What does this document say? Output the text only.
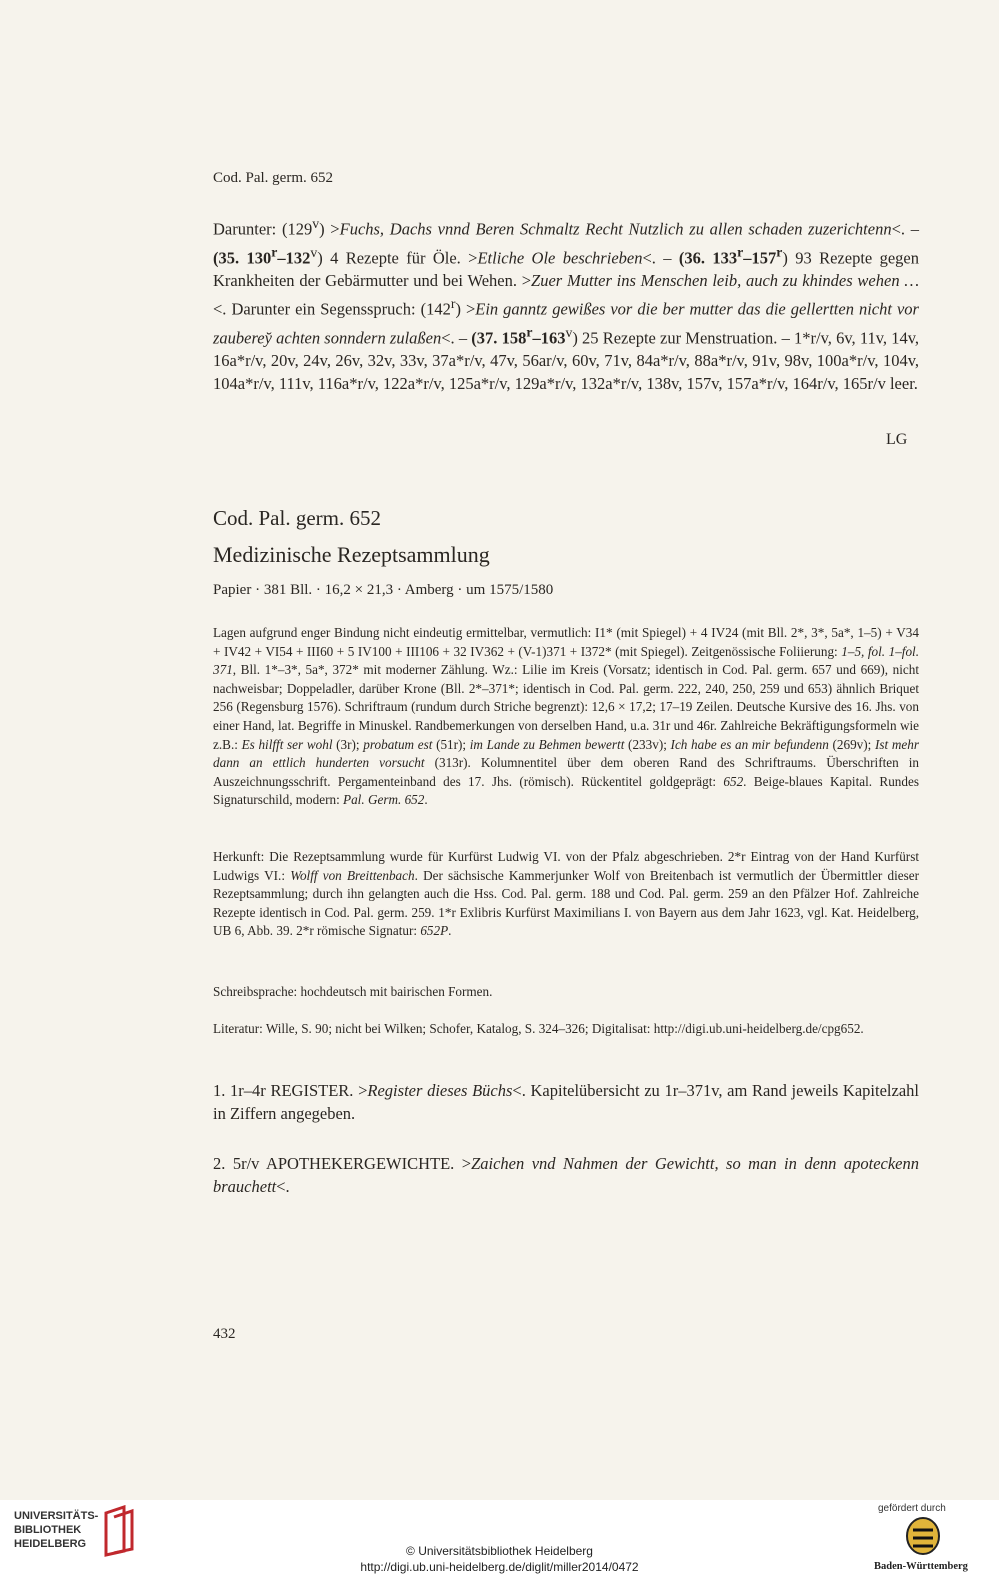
Cod. Pal. germ. 652
Darunter: $(129^v)$ >Fuchs, Dachs vnnd Beren Schmaltz Recht Nutzlich zu allen schaden zuzerichtenn<. – (35. 130$^r$–132$^v$) 4 Rezepte für Öle. >Etliche Ole beschrieben<. – (36. 133$^r$–157$^r$) 93 Rezepte gegen Krankheiten der Gebärmutter und bei Wehen. >Zuer Mutter ins Menschen leib, auch zu khindes wehen …<. Darunter ein Segensspruch: $(142^r) >Ein$ ganntz gewißes vor die ber mutter das die gellertten nicht vor zauberey̆ achten sonndern zulaßen<. – (37. 158$^r$–163$^v$) 25 Rezepte zur Menstruation. – 1*r/v, 6v, 11v, 14v, 16a*r/v, 20v, 24v, 26v, 32v, 33v, 37a*r/v, 47v, 56ar/v, 60v, 71v, 84a*r/v, 88a*r/v, 91v, 98v, 100a*r/v, 104v, 104a*r/v, 111v, 116a*r/v, 122a*r/v, 125a*r/v, 129a*r/v, 132a*r/v, 138v, 157v, 157a*r/v, 164r/v, 165r/v leer.
LG
Cod. Pal. germ. 652
Medizinische Rezeptsammlung
Papier · 381 Bll. · 16,2 × 21,3 · Amberg · um 1575/1580
Lagen aufgrund enger Bindung nicht eindeutig ermittelbar, vermutlich: I1* (mit Spiegel) + 4 IV24 (mit Bll. 2*, 3*, 5a*, 1–5) + V34 + IV42 + VI54 + III60 + 5 IV100 + III106 + 32 IV362 + (V-1)371 + I372* (mit Spiegel). Zeitgenössische Foliierung: 1–5, fol. 1–fol. 371, Bll. 1*–3*, 5a*, 372* mit moderner Zählung. Wz.: Lilie im Kreis (Vorsatz; identisch in Cod. Pal. germ. 657 und 669), nicht nachweisbar; Doppeladler, darüber Krone (Bll. 2*–371*; identisch in Cod. Pal. germ. 222, 240, 250, 259 und 653) ähnlich Briquet 256 (Regensburg 1576). Schriftraum (rundum durch Striche begrenzt): 12,6 × 17,2; 17–19 Zeilen. Deutsche Kursive des 16. Jhs. von einer Hand, lat. Begriffe in Minuskel. Randbemerkungen von derselben Hand, u.a. 31r und 46r. Zahlreiche Bekräftigungsformeln wie z.B.: Es hilfft ser wohl (3r); probatum est (51r); im Lande zu Behmen bewertt (233v); Ich habe es an mir befundenn (269v); Ist mehr dann an ettlich hunderten vorsucht (313r). Kolumnentitel über dem oberen Rand des Schriftraums. Überschriften in Auszeichnungsschrift. Pergamenteinband des 17. Jhs. (römisch). Rückentitel goldgeprägt: 652. Beige-blaues Kapital. Rundes Signaturschild, modern: Pal. Germ. 652.
Herkunft: Die Rezeptsammlung wurde für Kurfürst Ludwig VI. von der Pfalz abgeschrieben. 2*r Eintrag von der Hand Kurfürst Ludwigs VI.: Wolff von Breittenbach. Der sächsische Kammerjunker Wolf von Breitenbach ist vermutlich der Übermittler dieser Rezeptsammlung; durch ihn gelangten auch die Hss. Cod. Pal. germ. 188 und Cod. Pal. germ. 259 an den Pfälzer Hof. Zahlreiche Rezepte identisch in Cod. Pal. germ. 259. 1*r Exlibris Kurfürst Maximilians I. von Bayern aus dem Jahr 1623, vgl. Kat. Heidelberg, UB 6, Abb. 39. 2*r römische Signatur: 652P.
Schreibsprache: hochdeutsch mit bairischen Formen.
Literatur: Wille, S. 90; nicht bei Wilken; Schofer, Katalog, S. 324–326; Digitalisat: http://digi.ub.uni-heidelberg.de/cpg652.
1. 1r–4r REGISTER. >Register dieses Büchs<. Kapitelübersicht zu 1r–371v, am Rand jeweils Kapitelzahl in Ziffern angegeben.
2. 5r/v APOTHEKERGEWICHTE. >Zaichen vnd Nahmen der Gewichtt, so man in denn apoteckenn brauchett<.
432
UNIVERSITÄTS-
BIBLIOTHEK
HEIDELBERG
gefördert durch
Baden-Württemberg
© Universitätsbibliothek Heidelberg
http://digi.ub.uni-heidelberg.de/diglit/miller2014/0472
